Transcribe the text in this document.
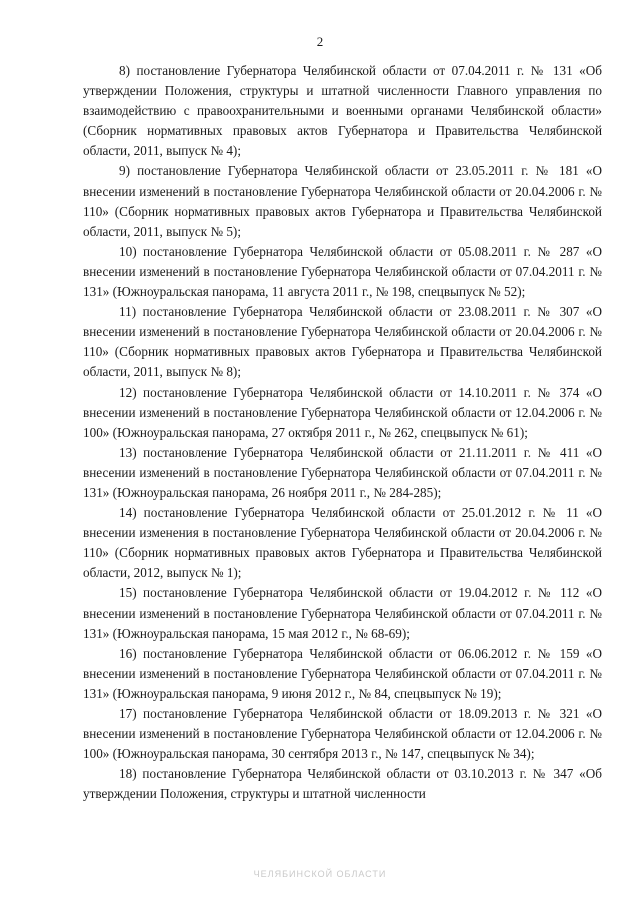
2

8) постановление Губернатора Челябинской области от 07.04.2011 г. № 131 «Об утверждении Положения, структуры и штатной численности Главного управления по взаимодействию с правоохранительными и военными органами Челябинской области» (Сборник нормативных правовых актов Губернатора и Правительства Челябинской области, 2011, выпуск № 4);

9) постановление Губернатора Челябинской области от 23.05.2011 г. № 181 «О внесении изменений в постановление Губернатора Челябинской области от 20.04.2006 г. № 110» (Сборник нормативных правовых актов Губернатора и Правительства Челябинской области, 2011, выпуск № 5);

10) постановление Губернатора Челябинской области от 05.08.2011 г. № 287 «О внесении изменений в постановление Губернатора Челябинской области от 07.04.2011 г. № 131» (Южноуральская панорама, 11 августа 2011 г., № 198, спецвыпуск № 52);

11) постановление Губернатора Челябинской области от 23.08.2011 г. № 307 «О внесении изменений в постановление Губернатора Челябинской области от 20.04.2006 г. № 110» (Сборник нормативных правовых актов Губернатора и Правительства Челябинской области, 2011, выпуск № 8);

12) постановление Губернатора Челябинской области от 14.10.2011 г. № 374 «О внесении изменений в постановление Губернатора Челябинской области от 12.04.2006 г. № 100» (Южноуральская панорама, 27 октября 2011 г., № 262, спецвыпуск № 61);

13) постановление Губернатора Челябинской области от 21.11.2011 г. № 411 «О внесении изменений в постановление Губернатора Челябинской области от 07.04.2011 г. № 131» (Южноуральская панорама, 26 ноября 2011 г., № 284-285);

14) постановление Губернатора Челябинской области от 25.01.2012 г. № 11 «О внесении изменения в постановление Губернатора Челябинской области от 20.04.2006 г. № 110» (Сборник нормативных правовых актов Губернатора и Правительства Челябинской области, 2012, выпуск № 1);

15) постановление Губернатора Челябинской области от 19.04.2012 г. № 112 «О внесении изменений в постановление Губернатора Челябинской области от 07.04.2011 г. № 131» (Южноуральская панорама, 15 мая 2012 г., № 68-69);

16) постановление Губернатора Челябинской области от 06.06.2012 г. № 159 «О внесении изменений в постановление Губернатора Челябинской области от 07.04.2011 г. № 131» (Южноуральская панорама, 9 июня 2012 г., № 84, спецвыпуск № 19);

17) постановление Губернатора Челябинской области от 18.09.2013 г. № 321 «О внесении изменений в постановление Губернатора Челябинской области от 12.04.2006 г. № 100» (Южноуральская панорама, 30 сентября 2013 г., № 147, спецвыпуск № 34);

18) постановление Губернатора Челябинской области от 03.10.2013 г. № 347 «Об утверждении Положения, структуры и штатной численности

ЧЕЛЯБИНСКОЙ ОБЛАСТИ
